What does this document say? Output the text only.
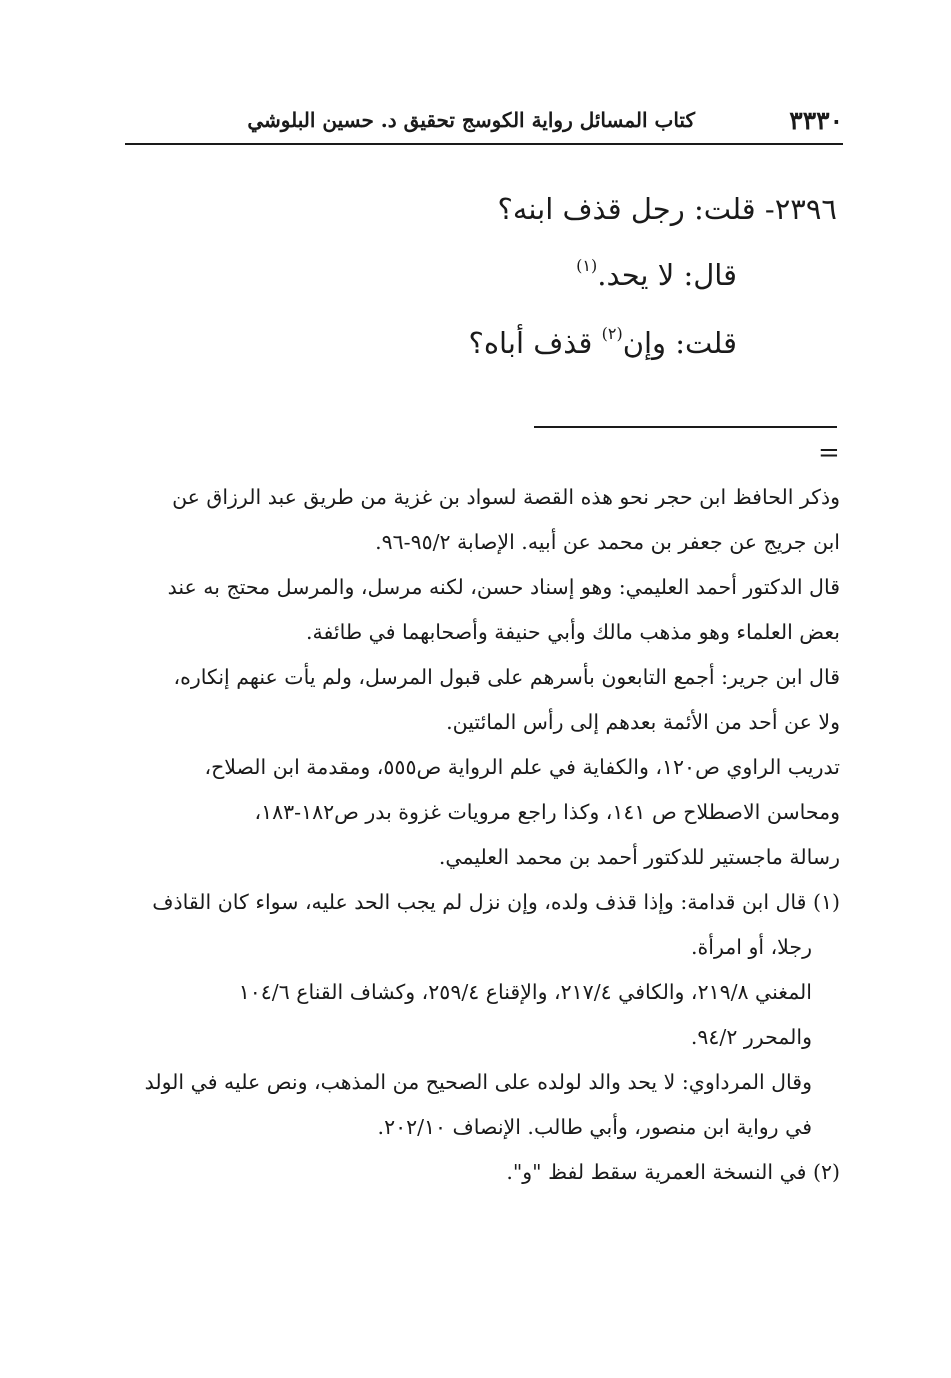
٣٣٣٠
كتاب المسائل رواية الكوسج تحقيق د. حسين البلوشي
٢٣٩٦- قلت: رجل قذف ابنه؟
قال: لا يحد.$^{(١)}$
قلت: وإن$^{(٢)}$ قذف أباه؟
=
وذكر الحافظ ابن حجر نحو هذه القصة لسواد بن غزية من طريق عبد الرزاق عن
ابن جريج عن جعفر بن محمد عن أبيه. الإصابة ٩٥/٢-٩٦.
قال الدكتور أحمد العليمي: وهو إسناد حسن، لكنه مرسل، والمرسل محتج به عند
بعض العلماء وهو مذهب مالك وأبي حنيفة وأصحابهما في طائفة.
قال ابن جرير: أجمع التابعون بأسرهم على قبول المرسل، ولم يأت عنهم إنكاره،
ولا عن أحد من الأئمة بعدهم إلى رأس المائتين.
تدريب الراوي ص١٢٠، والكفاية في علم الرواية ص٥٥٥، ومقدمة ابن الصلاح،
ومحاسن الاصطلاح ص ١٤١، وكذا راجع مرويات غزوة بدر ص١٨٢-١٨٣،
رسالة ماجستير للدكتور أحمد بن محمد العليمي.
(١) قال ابن قدامة: وإذا قذف ولده، وإن نزل لم يجب الحد عليه، سواء كان القاذف
رجلا، أو امرأة.
المغني ٢١٩/٨، والكافي ٢١٧/٤، والإقناع ٢٥٩/٤، وكشاف القناع ١٠٤/٦
والمحرر ٩٤/٢.
وقال المرداوي: لا يحد والد لولده على الصحيح من المذهب، ونص عليه في الولد
في رواية ابن منصور، وأبي طالب. الإنصاف ٢٠٢/١٠.
(٢) في النسخة العمرية سقط لفظ "و".
